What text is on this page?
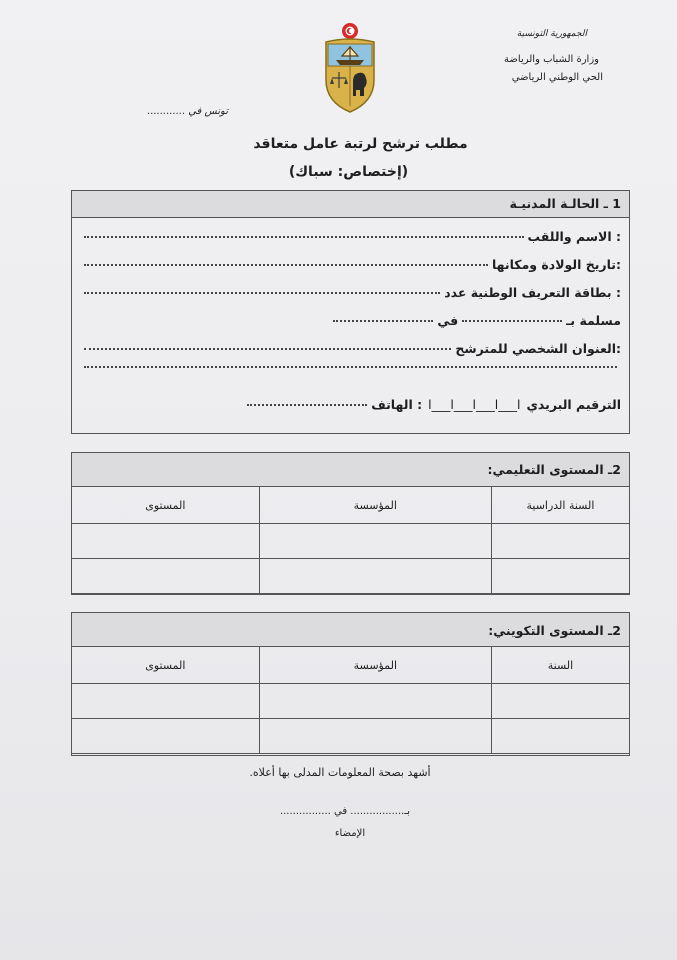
الجمهورية التونسية
وزارة الشباب والرياضة
الحي الوطني الرياضي
تونس في ............
مطلب ترشح لرتبة عامل متعاقد
(إختصاص: سباك)
1 ـ الحالـة المدنيـة
الاسم واللقب :
تاريخ الولادة ومكانها:
بطاقة التعريف الوطنية عدد :
مسلمة بـ
في
العنوان الشخصي للمترشح:
الترقيم البريدي
ا___ا___ا___ا___ا
الهاتف :
2ـ المستوى التعليمي:
المستوى	المؤسسة	السنة الدراسية

2ـ المستوى التكويني:
المستوى	المؤسسة	السنة

أشهد بصحة المعلومات المدلى بها أعلاه.
بـ................. في ................
الإمضاء
